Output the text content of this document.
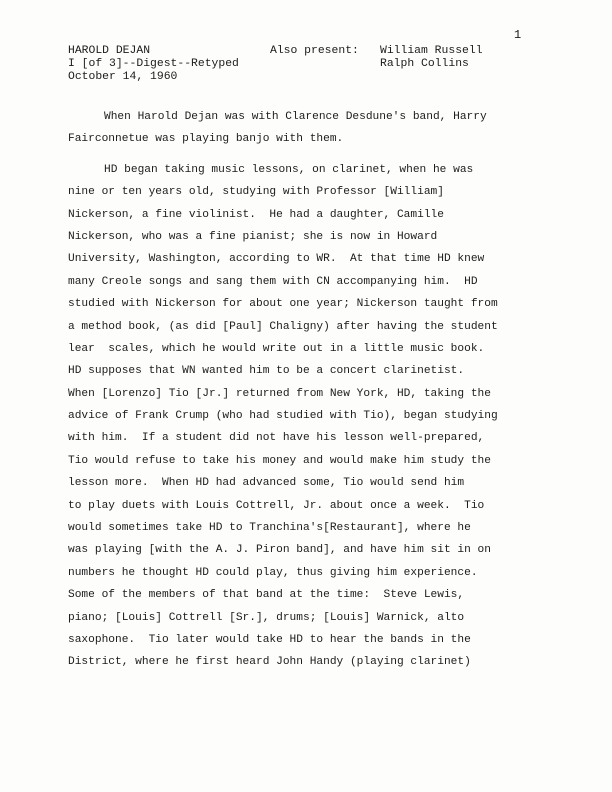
1
HAROLD DEJAN
I [of 3]--Digest--Retyped
October 14, 1960
Also present: William Russell
Ralph Collins
When Harold Dejan was with Clarence Desdune's band, Harry
Fairconnetue was playing banjo with them.
HD began taking music lessons, on clarinet, when he was
nine or ten years old, studying with Professor [William]
Nickerson, a fine violinist.  He had a daughter, Camille
Nickerson, who was a fine pianist; she is now in Howard
University, Washington, according to WR.  At that time HD knew
many Creole songs and sang them with CN accompanying him.  HD
studied with Nickerson for about one year; Nickerson taught from
a method book, (as did [Paul] Chaligny) after having the student
lear  scales, which he would write out in a little music book.
HD supposes that WN wanted him to be a concert clarinetist.
When [Lorenzo] Tio [Jr.] returned from New York, HD, taking the
advice of Frank Crump (who had studied with Tio), began studying
with him.  If a student did not have his lesson well-prepared,
Tio would refuse to take his money and would make him study the
lesson more.  When HD had advanced some, Tio would send him
to play duets with Louis Cottrell, Jr. about once a week.  Tio
would sometimes take HD to Tranchina's[Restaurant], where he
was playing [with the A. J. Piron band], and have him sit in on
numbers he thought HD could play, thus giving him experience.
Some of the members of that band at the time:  Steve Lewis,
piano; [Louis] Cottrell [Sr.], drums; [Louis] Warnick, alto
saxophone.  Tio later would take HD to hear the bands in the
District, where he first heard John Handy (playing clarinet)
